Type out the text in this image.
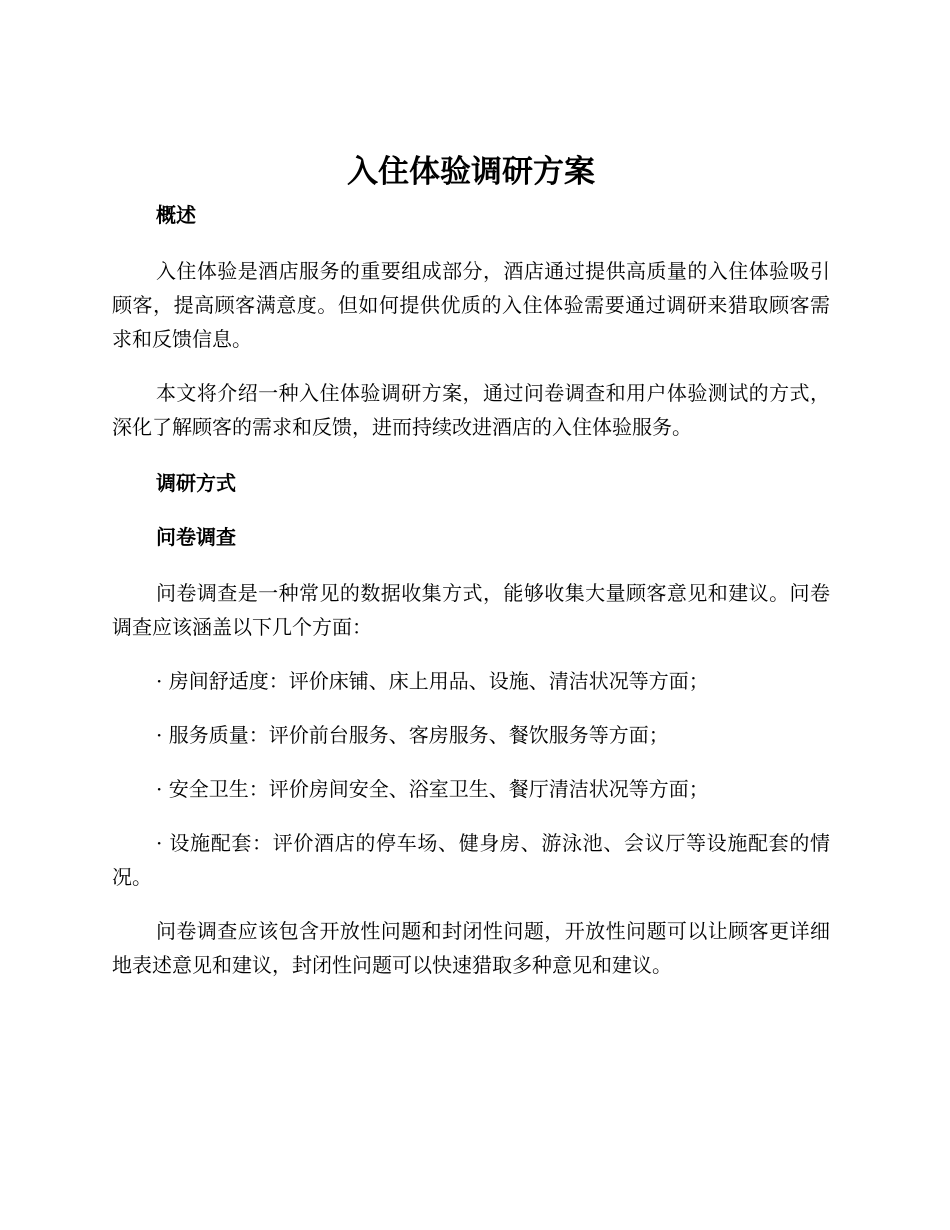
入住体验调研方案
概述

入住体验是酒店服务的重要组成部分，酒店通过提供高质量的入住体验吸引顾客，提高顾客满意度。但如何提供优质的入住体验需要通过调研来猎取顾客需求和反馈信息。

本文将介绍一种入住体验调研方案，通过问卷调查和用户体验测试的方式，深化了解顾客的需求和反馈，进而持续改进酒店的入住体验服务。

调研方式
问卷调查

问卷调查是一种常见的数据收集方式，能够收集大量顾客意见和建议。问卷调查应该涵盖以下几个方面：

· 房间舒适度：评价床铺、床上用品、设施、清洁状况等方面；

· 服务质量：评价前台服务、客房服务、餐饮服务等方面；

· 安全卫生：评价房间安全、浴室卫生、餐厅清洁状况等方面；

· 设施配套：评价酒店的停车场、健身房、游泳池、会议厅等设施配套的情况。

问卷调查应该包含开放性问题和封闭性问题，开放性问题可以让顾客更详细地表述意见和建议，封闭性问题可以快速猎取多种意见和建议。
